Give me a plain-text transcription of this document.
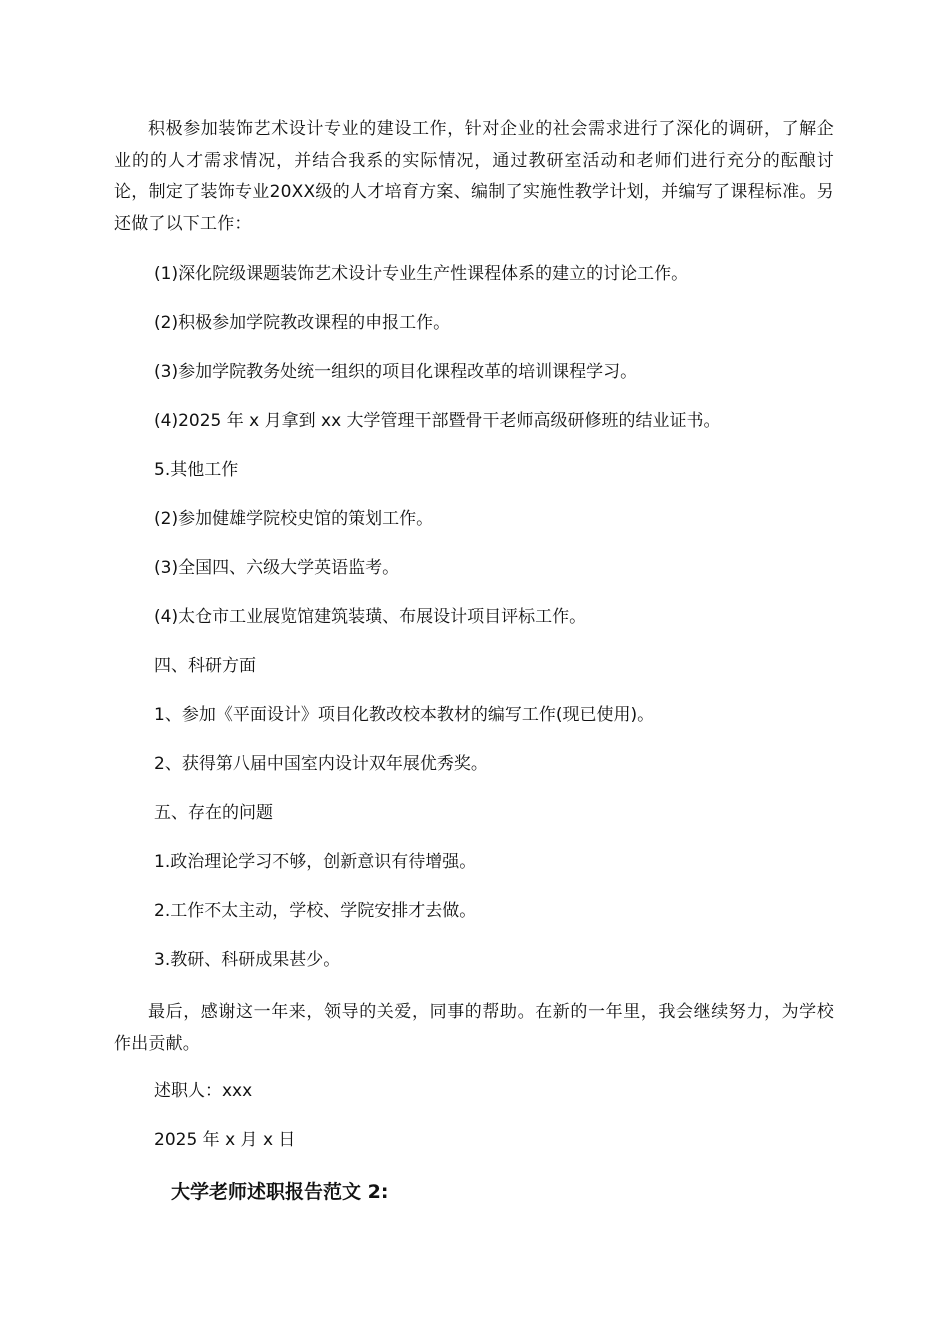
积极参加装饰艺术设计专业的建设工作，针对企业的社会需求进行了深化的调研，了解企业的的人才需求情况，并结合我系的实际情况，通过教研室活动和老师们进行充分的酝酿讨论，制定了装饰专业20XX级的人才培育方案、编制了实施性教学计划，并编写了课程标准。另还做了以下工作：

(1)深化院级课题装饰艺术设计专业生产性课程体系的建立的讨论工作。

(2)积极参加学院教改课程的申报工作。

(3)参加学院教务处统一组织的项目化课程改革的培训课程学习。

(4)2025 年 x 月拿到 xx 大学管理干部暨骨干老师高级研修班的结业证书。

5.其他工作

(2)参加健雄学院校史馆的策划工作。

(3)全国四、六级大学英语监考。

(4)太仓市工业展览馆建筑装璜、布展设计项目评标工作。

四、科研方面

1、参加《平面设计》项目化教改校本教材的编写工作(现已使用)。

2、获得第八届中国室内设计双年展优秀奖。

五、存在的问题

1.政治理论学习不够，创新意识有待增强。

2.工作不太主动，学校、学院安排才去做。

3.教研、科研成果甚少。

最后，感谢这一年来，领导的关爱，同事的帮助。在新的一年里，我会继续努力，为学校作出贡献。

述职人：xxx

2025 年 x 月 x 日

大学老师述职报告范文 2:
